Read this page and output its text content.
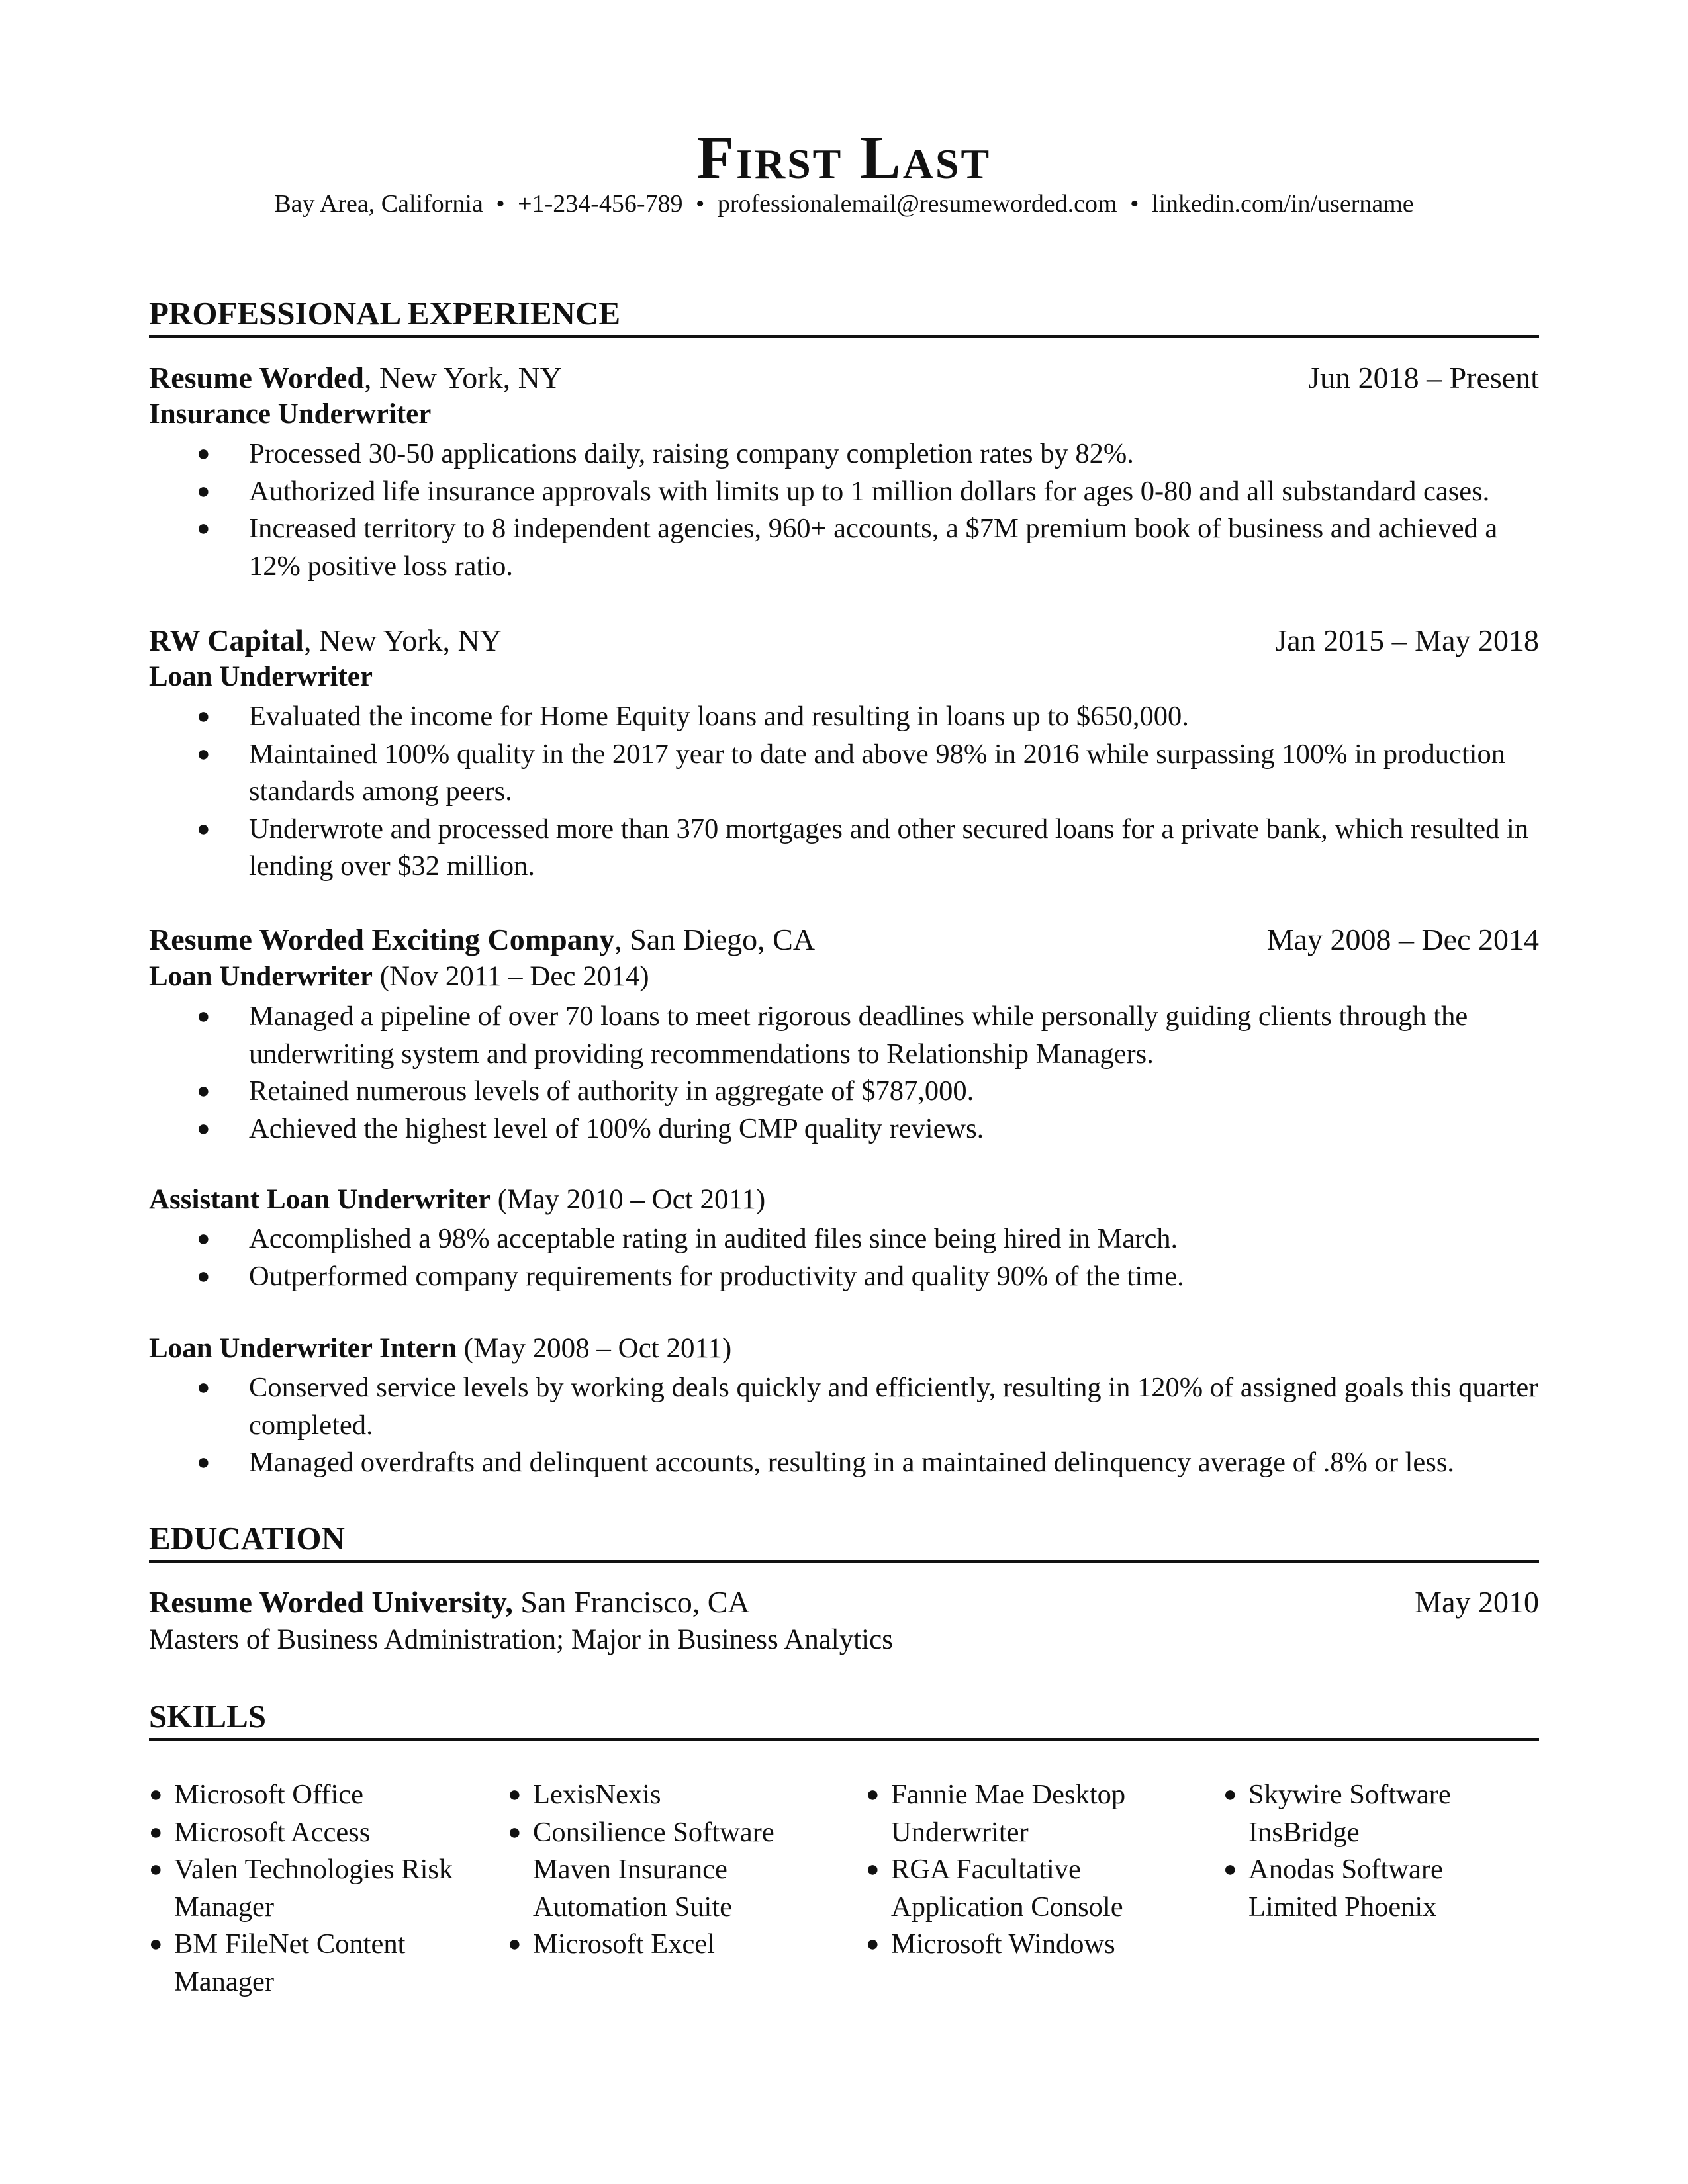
First Last
Bay Area, California • +1-234-456-789 • professionalemail@resumeworded.com • linkedin.com/in/username
PROFESSIONAL EXPERIENCE
Resume Worded, New York, NY	Jun 2018 – Present
Insurance Underwriter
● Processed 30-50 applications daily, raising company completion rates by 82%.
● Authorized life insurance approvals with limits up to 1 million dollars for ages 0-80 and all substandard cases.
● Increased territory to 8 independent agencies, 960+ accounts, a $7M premium book of business and achieved a 12% positive loss ratio.
RW Capital, New York, NY	Jan 2015 – May 2018
Loan Underwriter
● Evaluated the income for Home Equity loans and resulting in loans up to $650,000.
● Maintained 100% quality in the 2017 year to date and above 98% in 2016 while surpassing 100% in production standards among peers.
● Underwrote and processed more than 370 mortgages and other secured loans for a private bank, which resulted in lending over $32 million.
Resume Worded Exciting Company, San Diego, CA	May 2008 – Dec 2014
Loan Underwriter (Nov 2011 – Dec 2014)
● Managed a pipeline of over 70 loans to meet rigorous deadlines while personally guiding clients through the underwriting system and providing recommendations to Relationship Managers.
● Retained numerous levels of authority in aggregate of $787,000.
● Achieved the highest level of 100% during CMP quality reviews.
Assistant Loan Underwriter (May 2010 – Oct 2011)
● Accomplished a 98% acceptable rating in audited files since being hired in March.
● Outperformed company requirements for productivity and quality 90% of the time.
Loan Underwriter Intern (May 2008 – Oct 2011)
● Conserved service levels by working deals quickly and efficiently, resulting in 120% of assigned goals this quarter completed.
● Managed overdrafts and delinquent accounts, resulting in a maintained delinquency average of .8% or less.
EDUCATION
Resume Worded University, San Francisco, CA	May 2010
Masters of Business Administration; Major in Business Analytics
SKILLS
● Microsoft Office
● Microsoft Access
● Valen Technologies Risk Manager
● BM FileNet Content Manager
● LexisNexis
● Consilience Software Maven Insurance Automation Suite
● Microsoft Excel
● Fannie Mae Desktop Underwriter
● RGA Facultative Application Console
● Microsoft Windows
● Skywire Software InsBridge
● Anodas Software Limited Phoenix
